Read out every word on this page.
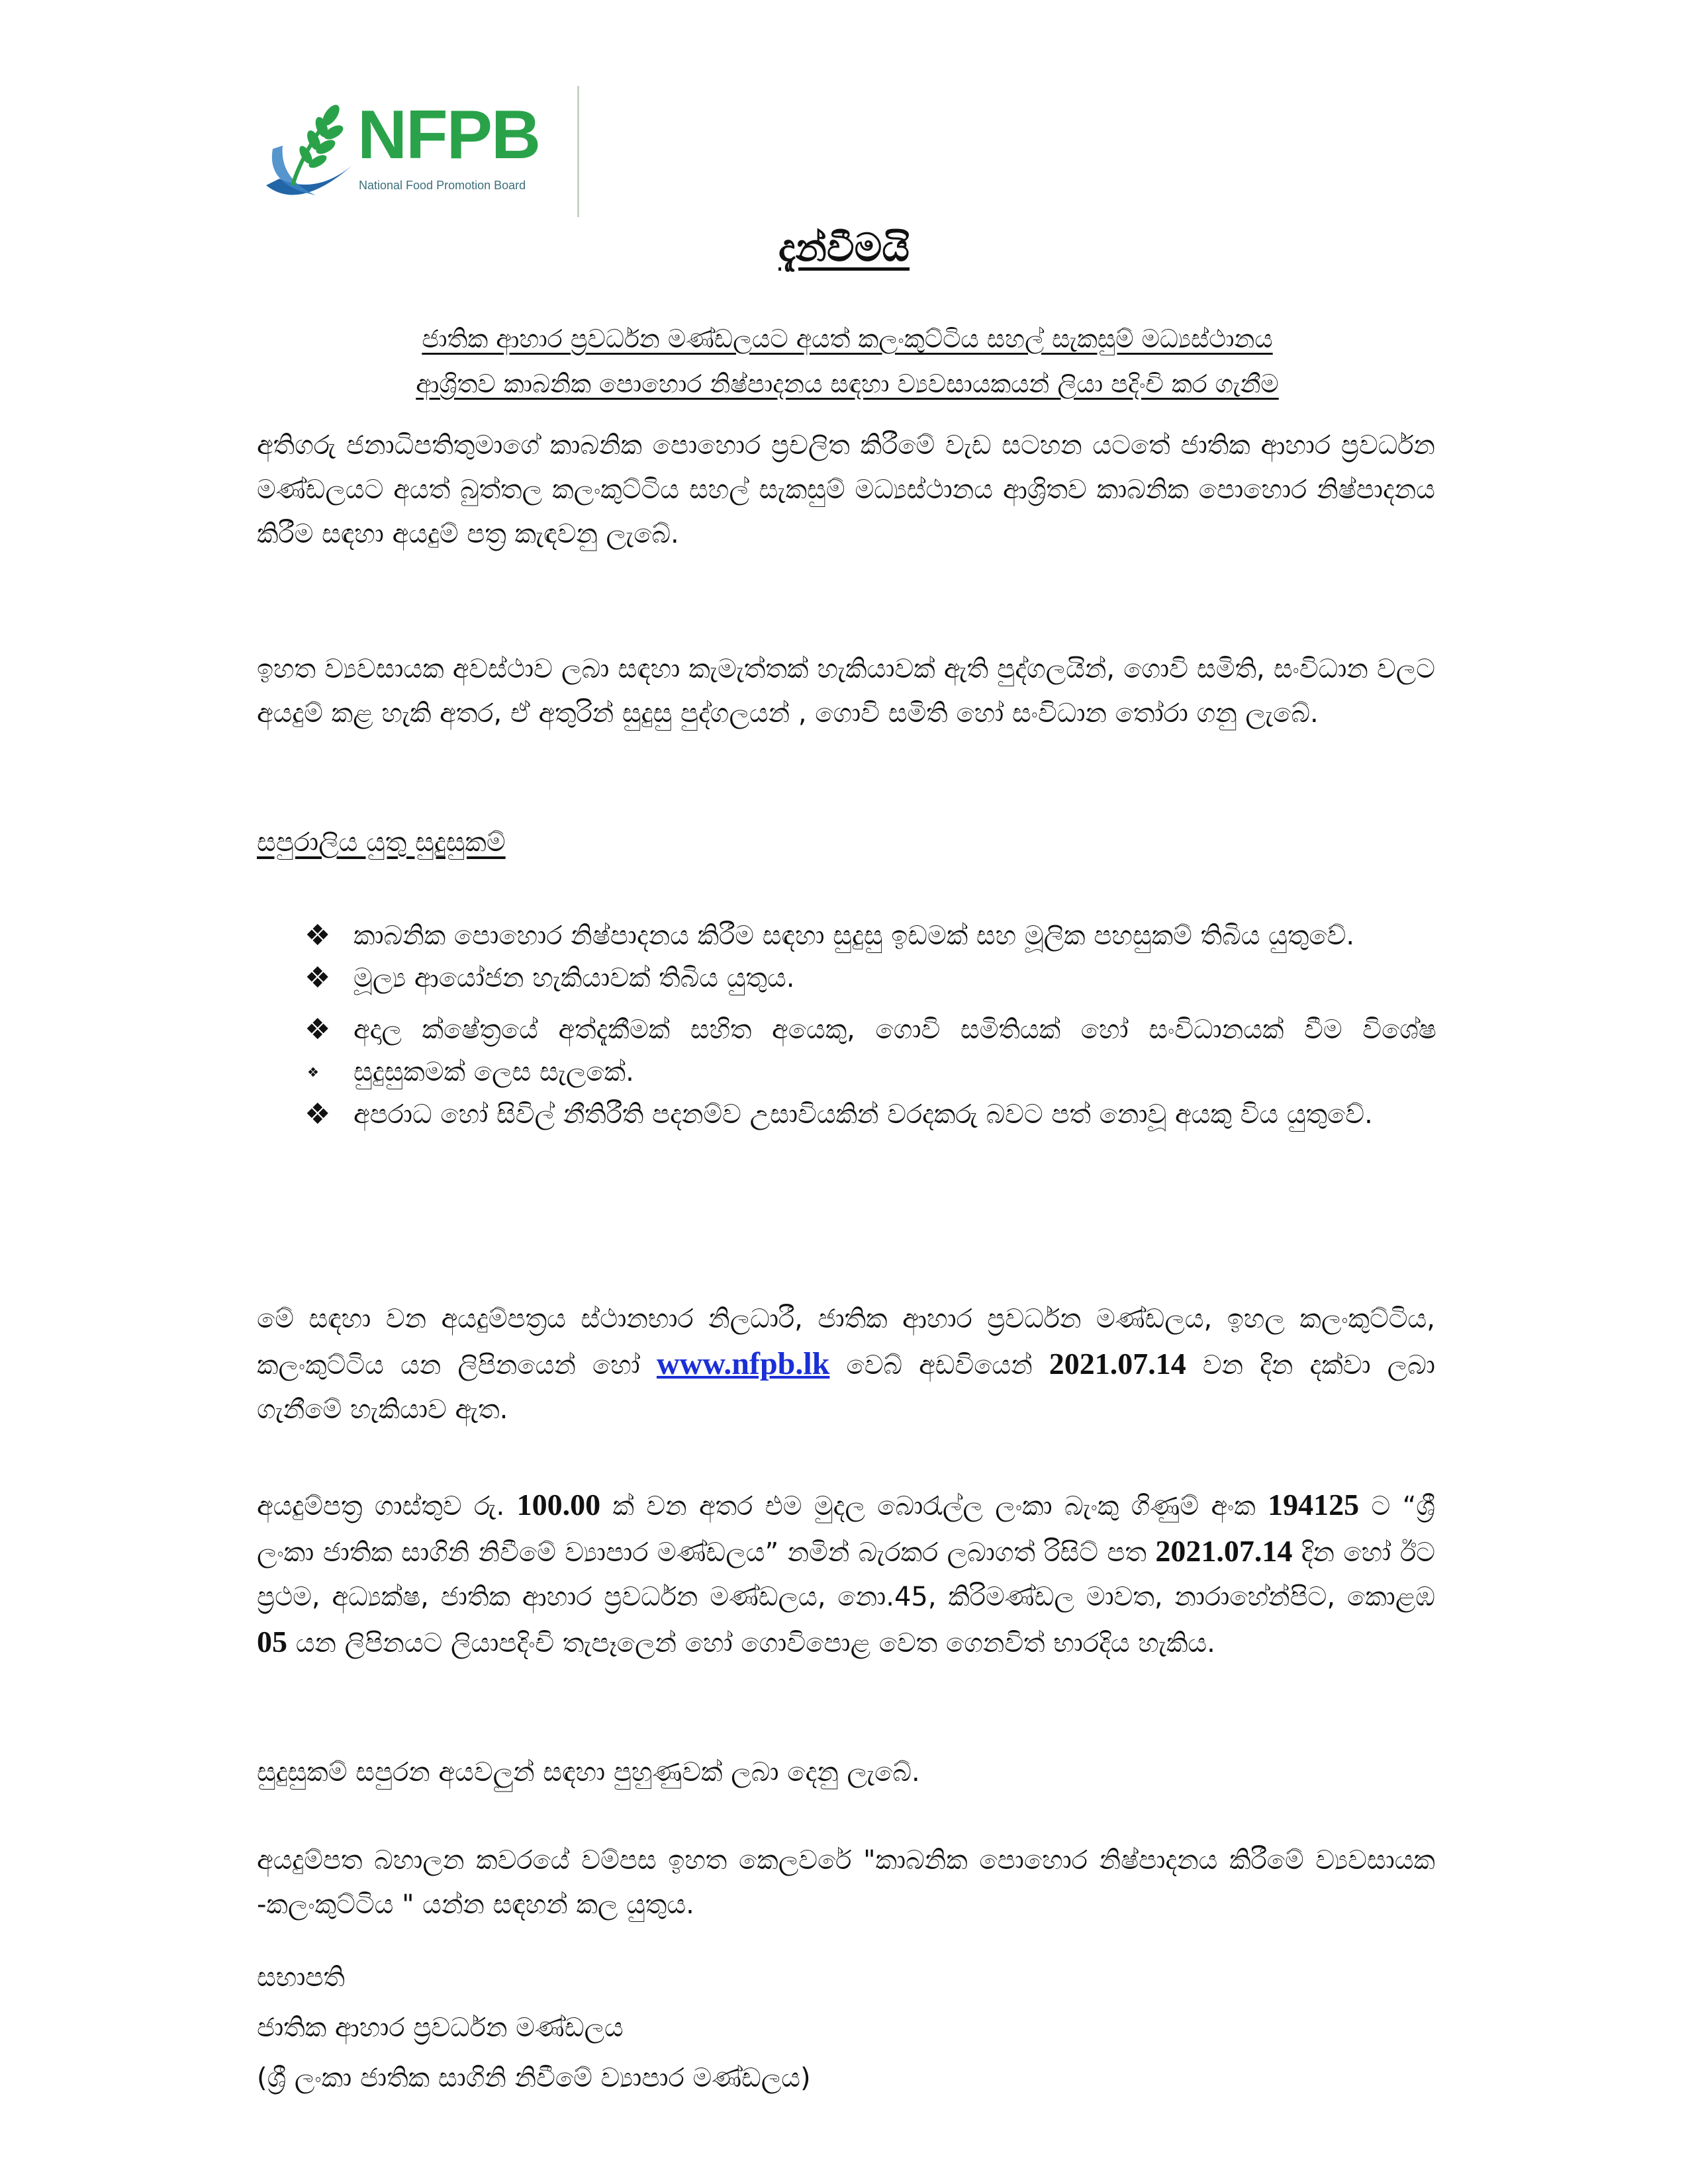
NFPB
National Food Promotion Board
දැන්වීමයි
ජාතික ආහාර ප්‍රවර්ධන මණ්ඩලයට අයත් කලංකුට්ටිය සහල් සැකසුම් මධ්‍යස්ථානය
ආශ්‍රිතව කාබනික පොහොර නිෂ්පාදනය සඳහා ව්‍යවසායකයන් ලියා පදිංචි කර ගැනීම

අතිගරු ජනාධිපතිතුමාගේ කාබනික පොහොර ප්‍රචලිත කිරීමේ වැඩ සටහන යටතේ ජාතික ආහාර ප්‍රවර්ධන මණ්ඩලයට අයත් බුත්තල කලංකුට්ටිය සහල් සැකසුම් මධ්‍යස්ථානය ආශ්‍රිතව කාබනික පොහොර නිෂ්පාදනය කිරීම සඳහා අයදුම් පත්‍ර කැඳවනු ලැබේ.

ඉහත ව්‍යවසායක අවස්ථාව ලබා සඳහා කැමැත්තක් හැකියාවක් ඇති පුද්ගලයින්, ගොවි සමිති, සංවිධාන වලට අයදුම් කළ හැකි අතර, ඒ අතුරින් සුදුසු පුද්ගලයන් , ගොවි සමිති හෝ සංවිධාන තෝරා ගනු ලැබේ.

සපුරාලිය යුතු සුදුසුකම්
❖ කාබනික පොහොර නිෂ්පාදනය කිරීම සඳහා සුදුසු ඉඩමක් සහ මූලික පහසුකම් තිබිය යුතුවේ.
❖ මූල්‍ය ආයෝජන හැකියාවක් තිබිය යුතුය.
❖ අදාල ක්ෂේත්‍රයේ අත්දැකීමක් සහිත අයෙකු, ගොවි සමිතියක් හෝ සංවිධානයක් වීම විශේෂ සුදුසුකමක් ලෙස සැලකේ.
❖ අපරාධ හෝ සිවිල් නීතිරීති පදනම්ව උසාවියකින් වරදකරු බවට පත් නොවූ අයකු විය යුතුවේ.
❖

මේ සඳහා වන අයදුම්පත්‍රය ස්ථානභාර නිලධාරී, ජාතික ආහාර ප්‍රවර්ධන මණ්ඩලය, ඉහල කලංකුට්ටිය, කලංකුට්ටිය යන ලිපිනයෙන් හෝ www.nfpb.lk වෙබ් අඩවියෙන් 2021.07.14 වන දින දක්වා ලබා ගැනීමේ හැකියාව ඇත.

අයදුම්පත්‍ර ගාස්තුව රු. 100.00 ක් වන අතර එම මුදල බොරැල්ල ලංකා බැංකු ගිණුම් අංක 194125 ට “ශ්‍රී ලංකා ජාතික සාගිනි නිවීමේ ව්‍යාපාර මණ්ඩලය” නමින් බැරකර ලබාගත් රිසිට් පත 2021.07.14 දින හෝ ඊට ප්‍රථම, අධ්‍යක්ෂ, ජාතික ආහාර ප්‍රවර්ධන මණ්ඩලය, නො.45, කිරිමණ්ඩල මාවත, නාරාහේන්පිට, කොළඹ 05 යන ලිපිනයට ලියාපදිංචි තැපෑලෙන් හෝ ගොවිපොළ වෙත ගෙනවිත් භාරදිය හැකිය.

සුදුසුකම් සපුරන අයවලුන් සඳහා පුහුණුවක් ලබා දෙනු ලැබේ.

අයදුම්පත බහාලන කවරයේ වම්පස ඉහත කෙලවරේ "කාබනික පොහොර නිෂ්පාදනය කිරීමේ ව්‍යවසායක -කලංකුට්ටිය " යන්න සඳහන් කල යුතුය.

සභාපති
ජාතික ආහාර ප්‍රවර්ධන මණ්ඩලය
(ශ්‍රී ලංකා ජාතික සාගිනි නිවීමේ ව්‍යාපාර මණ්ඩලය)
